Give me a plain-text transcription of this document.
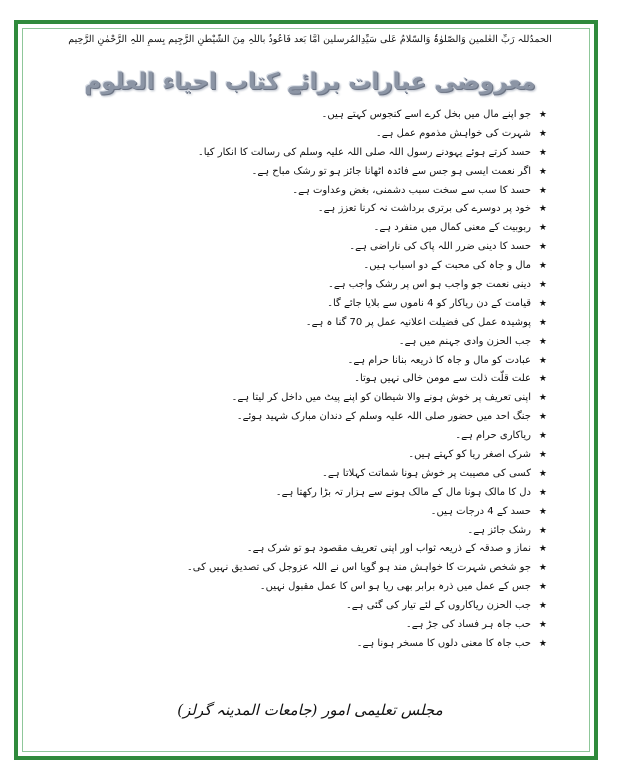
الحمدُللہ رَبِّ العٰلمین وَالصّلوٰۃُ وَالسّلامُ عَلٰی سَیِّدِالمُرسلین اَمَّا بَعد فَاَعُوذُ باللّٰہِ مِنَ الشَّیْطٰنِ الرَّجِیم بِسمِ اللّٰہِ الرَّحْمٰنِ الرَّحِیم
معروضی عبارات برائے کتاب احیاء العلوم
★
جو اپنے مال میں بخل کرے اسے کنجوس کہتے ہیں۔
★
شہرت کی خواہش مذموم عمل ہے۔
★
حسد کرتے ہوئے یہودنے رسول اللہ صلی اللہ علیہ وسلم کی رسالت کا انکار کیا۔
★
اگر نعمت ایسی ہو جس سے فائدہ اٹھانا جائز ہو تو رشک مباح ہے۔
★
حسد کا سب سے سخت سبب دشمنی، بغض وعداوت ہے۔
★
خود پر دوسرے کی برتری برداشت نہ کرنا تعزز ہے۔
★
ربوبیت کے معنی کمال میں منفرد ہے۔
★
حسد کا دینی ضرر اللہ پاک کی ناراضی ہے۔
★
مال و جاہ کی محبت کے دو اسباب ہیں۔
★
دینی نعمت جو واجب ہو اس پر رشک واجب ہے۔
★
قیامت کے دن ریاکار کو 4 ناموں سے بلایا جائے گا۔
★
پوشیدہ عمل کی فضیلت اعلانیہ عمل پر 70 گنا ہ ہے۔
★
جب الحزن وادی جہنم میں ہے۔
★
عبادت کو مال و جاہ کا ذریعہ بنانا حرام ہے۔
★
علت قلّت ذلت سے مومن خالی نہیں ہوتا۔
★
اپنی تعریف پر خوش ہونے والا شیطان کو اپنے پیٹ میں داخل کر لیتا ہے۔
★
جنگ احد میں حضور صلی اللہ علیہ وسلم کے دندان مبارک شہید ہوئے۔
★
ریاکاری حرام ہے۔
★
شرک اصغر ریا کو کہتے ہیں۔
★
کسی کی مصیبت پر خوش ہونا شماتت کہلاتا ہے۔
★
دل کا مالک ہونا مال کے مالک ہونے سے ہزار تہ بڑا رکھتا ہے۔
★
حسد کے 4 درجات ہیں۔
★
رشک جائز ہے۔
★
نماز و صدقہ کے ذریعہ ثواب اور اپنی تعریف مقصود ہو تو شرک ہے۔
★
جو شخص شہرت کا خواہش مند ہو گویا اس نے اللہ عزوجل کی تصدیق نہیں کی۔
★
جس کے عمل میں ذرہ برابر بھی ریا ہو اس کا عمل مقبول نہیں۔
★
جب الحزن ریاکاروں کے لئے تیار کی گئی ہے۔
★
حب جاہ ہر فساد کی جڑ ہے۔
★
حب جاہ کا معنی دلوں کا مسخر ہونا ہے۔
مجلس تعلیمی امور (جامعات المدینہ گرلز)
